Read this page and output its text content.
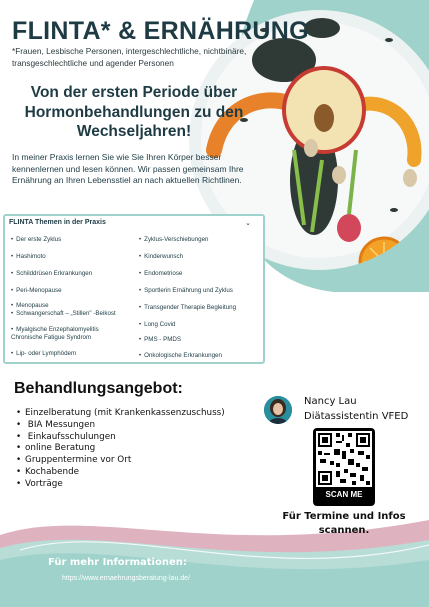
FLINTA* & ERNÄHRUNG
*Frauen, Lesbische Personen, intergeschlechtliche, nichtbinäre, transgeschlechtliche und agender Personen
Von der ersten Periode über Hormonbehandlungen zu den Wechseljahren!
In meiner Praxis lernen Sie wie Sie Ihren Körper besser kennenlernen und lesen können. Wir passen gemeinsam Ihre Ernährung an Ihren Lebensstiel an nach aktuellen Richtlinen.
FLINTA Themen in der Praxis	⌄
• Der erste Zyklus
• Hashimoto
• Schilddrüsen Erkrankungen
• Peri-Menopause
• Menopause
• Schwangerschaft – „Stillen" -Beikost
• Myalgische Enzephalomyelitis
Chronische Fatigue Syndrom
• Lip- oder Lymphödem
• Zyklus-Verschiebungen
• Kinderwunsch
• Endometriose
• Sportlerin Ernährung und Zyklus
• Transgender Therapie Begleitung
• Long Covid
• PMS - PMDS
• Onkologische Erkrankungen
Behandlungsangebot:
• Einzelberatung (mit Krankenkassenzuschuss)
• BIA Messungen
• Einkaufsschulungen
• online Beratung
• Gruppentermine vor Ort
• Kochabende
• Vorträge
Nancy Lau
Diätassistentin VFED
SCAN ME
Für Termine und Infos scannen.
Für mehr Informationen:
https://www.ernaehrungsberatung-lau.de/
